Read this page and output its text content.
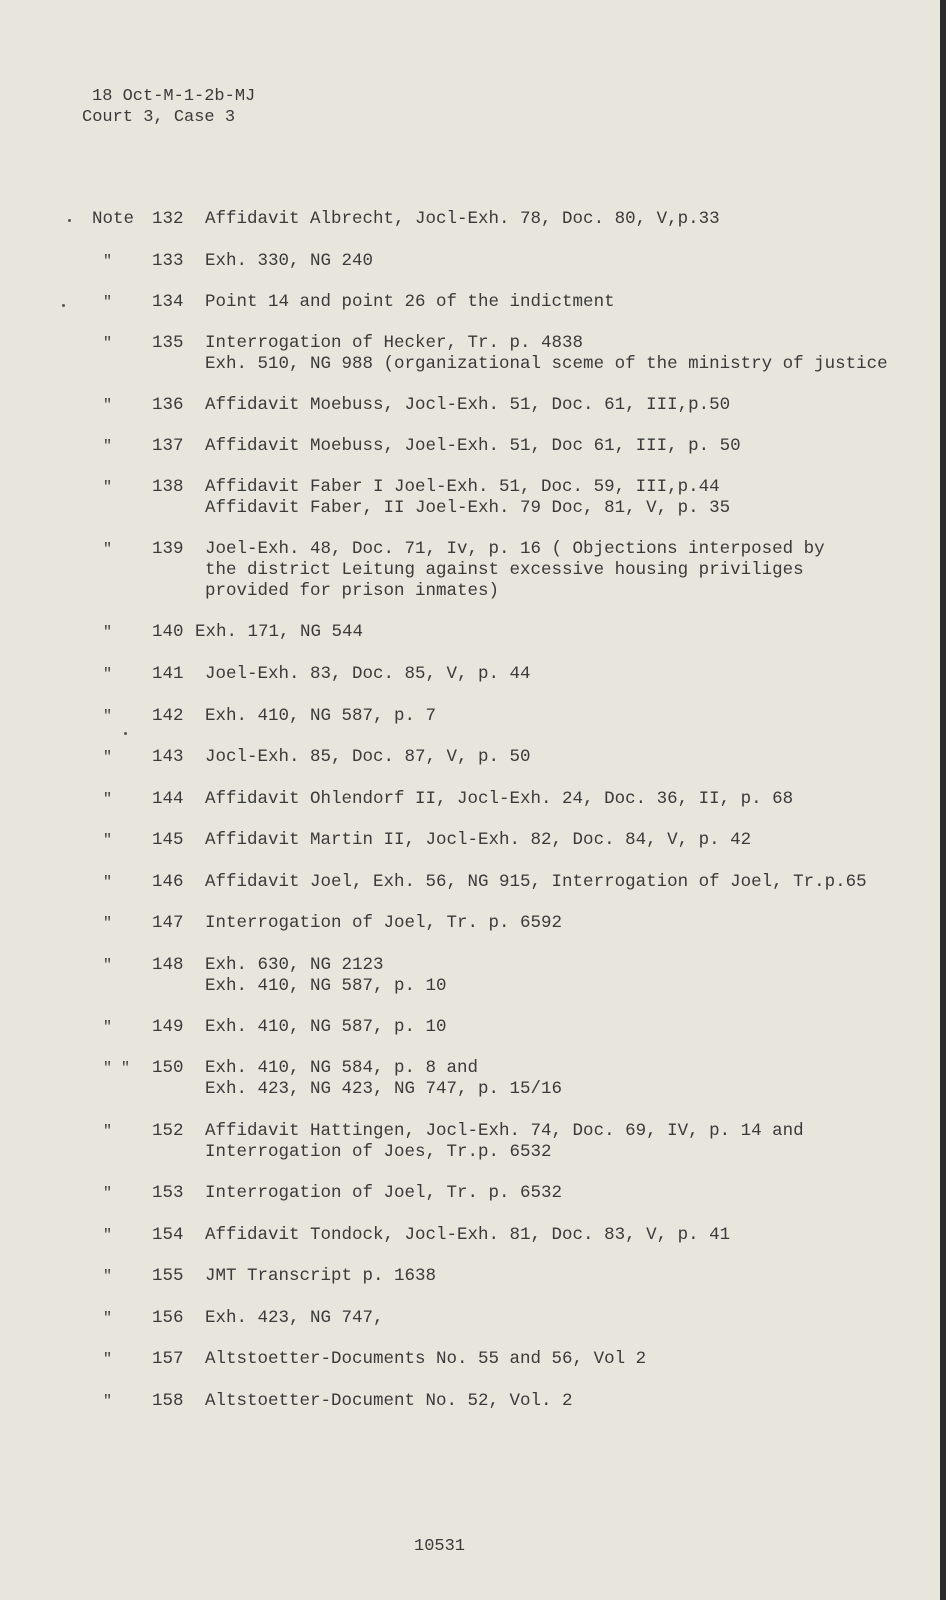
18 Oct-M-1-2b-MJ
Court 3, Case 3
Note 132	Affidavit Albrecht, Jocl-Exh. 78, Doc. 80, V,p.33
"	133	Exh. 330, NG 240
"	134	Point 14 and point 26 of the indictment
"	135	Interrogation of Hecker, Tr. p. 4838
Exh. 510, NG 988 (organizational sceme of the ministry of justice
"	136	Affidavit Moebuss, Jocl-Exh. 51, Doc. 61, III,p.50
"	137	Affidavit Moebuss, Joel-Exh. 51, Doc 61, III, p. 50
"	138	Affidavit Faber I Joel-Exh. 51, Doc. 59, III,p.44
Affidavit Faber, II Joel-Exh. 79 Doc, 81, V, p. 35
"	139	Joel-Exh. 48, Doc. 71, Iv, p. 16 ( Objections interposed by
the district Leitung against excessive housing priviliges
provided for prison inmates)
"	140 Exh. 171, NG 544
"	141	Joel-Exh. 83, Doc. 85, V, p. 44
"	142	Exh. 410, NG 587, p. 7
"	143	Jocl-Exh. 85, Doc. 87, V, p. 50
"	144	Affidavit Ohlendorf II, Jocl-Exh. 24, Doc. 36, II, p. 68
"	145	Affidavit Martin II, Jocl-Exh. 82, Doc. 84, V, p. 42
"	146	Affidavit Joel, Exh. 56, NG 915, Interrogation of Joel, Tr.p.65
"	147	Interrogation of Joel, Tr. p. 6592
"	148	Exh. 630, NG 2123
Exh. 410, NG 587, p. 10
"	149	Exh. 410, NG 587, p. 10
" "	150	Exh. 410, NG 584, p. 8 and
Exh. 423, NG 423, NG 747, p. 15/16
"	152	Affidavit Hattingen, Jocl-Exh. 74, Doc. 69, IV, p. 14 and
Interrogation of Joes, Tr.p. 6532
"	153	Interrogation of Joel, Tr. p. 6532
"	154	Affidavit Tondock, Jocl-Exh. 81, Doc. 83, V, p. 41
"	155	JMT Transcript p. 1638
"	156	Exh. 423, NG 747,
"	157	Altstoetter-Documents No. 55 and 56, Vol 2
"	158	Altstoetter-Document No. 52, Vol. 2
10531
